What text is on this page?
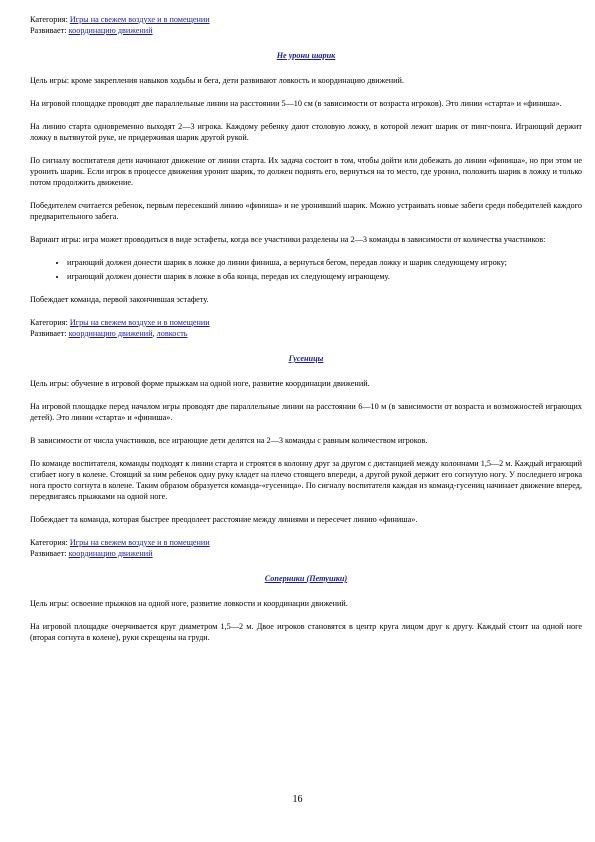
Категория: Игры на свежем воздухе и в помещении

Развивает: координацию движений

Не урони шарик

Цель игры: кроме закрепления навыков ходьбы и бега, дети развивают ловкость и координацию движений.

На игровой площадке проводят две параллельные линии на расстоянии 5—10 см (в зависимости от возраста игроков). Это линии «старта» и «финиша».

На линию старта одновременно выходят 2—3 игрока. Каждому ребенку дают столовую ложку, в которой лежит шарик от пинг-понга. Играющий держит ложку в вытянутой руке, не придерживая шарик другой рукой.

По сигналу воспитателя дети начинают движение от линии старта. Их задача состоит в том, чтобы дойти или добежать до линии «финиша», но при этом не уронить шарик. Если игрок в процессе движения уронит шарик, то должен поднять его, вернуться на то место, где уронил, положить шарик в ложку и только потом продолжить движение.

Победителем считается ребенок, первым пересекший линию «финиша» и не уронивший шарик. Можно устраивать новые забеги среди победителей каждого предварительного забега.

Вариант игры: игра может проводиться в виде эстафеты, когда все участники разделены на 2—3 команды в зависимости от количества участников:

• играющий должен донести шарик в ложке до линии финиша, а вернуться бегом, передав ложку и шарик следующему игроку;
• играющий должен донести шарик в ложке в оба конца, передав их следующему играющему.

Побеждает команда, первой закончившая эстафету.

Категория: Игры на свежем воздухе и в помещении

Развивает: координацию движений, ловкость

Гусеницы

Цель игры: обучение в игровой форме прыжкам на одной ноге, развитие координации движений.

На игровой площадке перед началом игры проводят две параллельные линии на расстоянии 6—10 м (в зависимости от возраста и возможностей играющих детей). Это линии «старта» и «финиша».

В зависимости от числа участников, все играющие дети делятся на 2—3 команды с равным количеством игроков.

По команде воспитателя, команды подходят к линии старта и строятся в колонну друг за другом с дистанцией между колоннами 1,5—2 м. Каждый играющий сгибает ногу в колене. Стоящий за ним ребенок одну руку кладет на плечо стоящего впереди, а другой рукой держит его согнутую ногу. У последнего игрока нога просто согнута в колене. Таким образом образуется команда-«гусеница». По сигналу воспитателя каждая из команд-гусениц начинает движение вперед, передвигаясь прыжками на одной ноге.

Побеждает та команда, которая быстрее преодолеет расстояние между линиями и пересечет линию «финиша».

Категория: Игры на свежем воздухе и в помещении

Развивает: координацию движений

Соперники (Петушки)

Цель игры: освоение прыжков на одной ноге, развитие ловкости и координации движений.

На игровой площадке очерчивается круг диаметром 1,5—2 м. Двое игроков становятся в центр круга лицом друг к другу. Каждый стоит на одной ноге (вторая согнута в колене), руки скрещены на груди.

16
